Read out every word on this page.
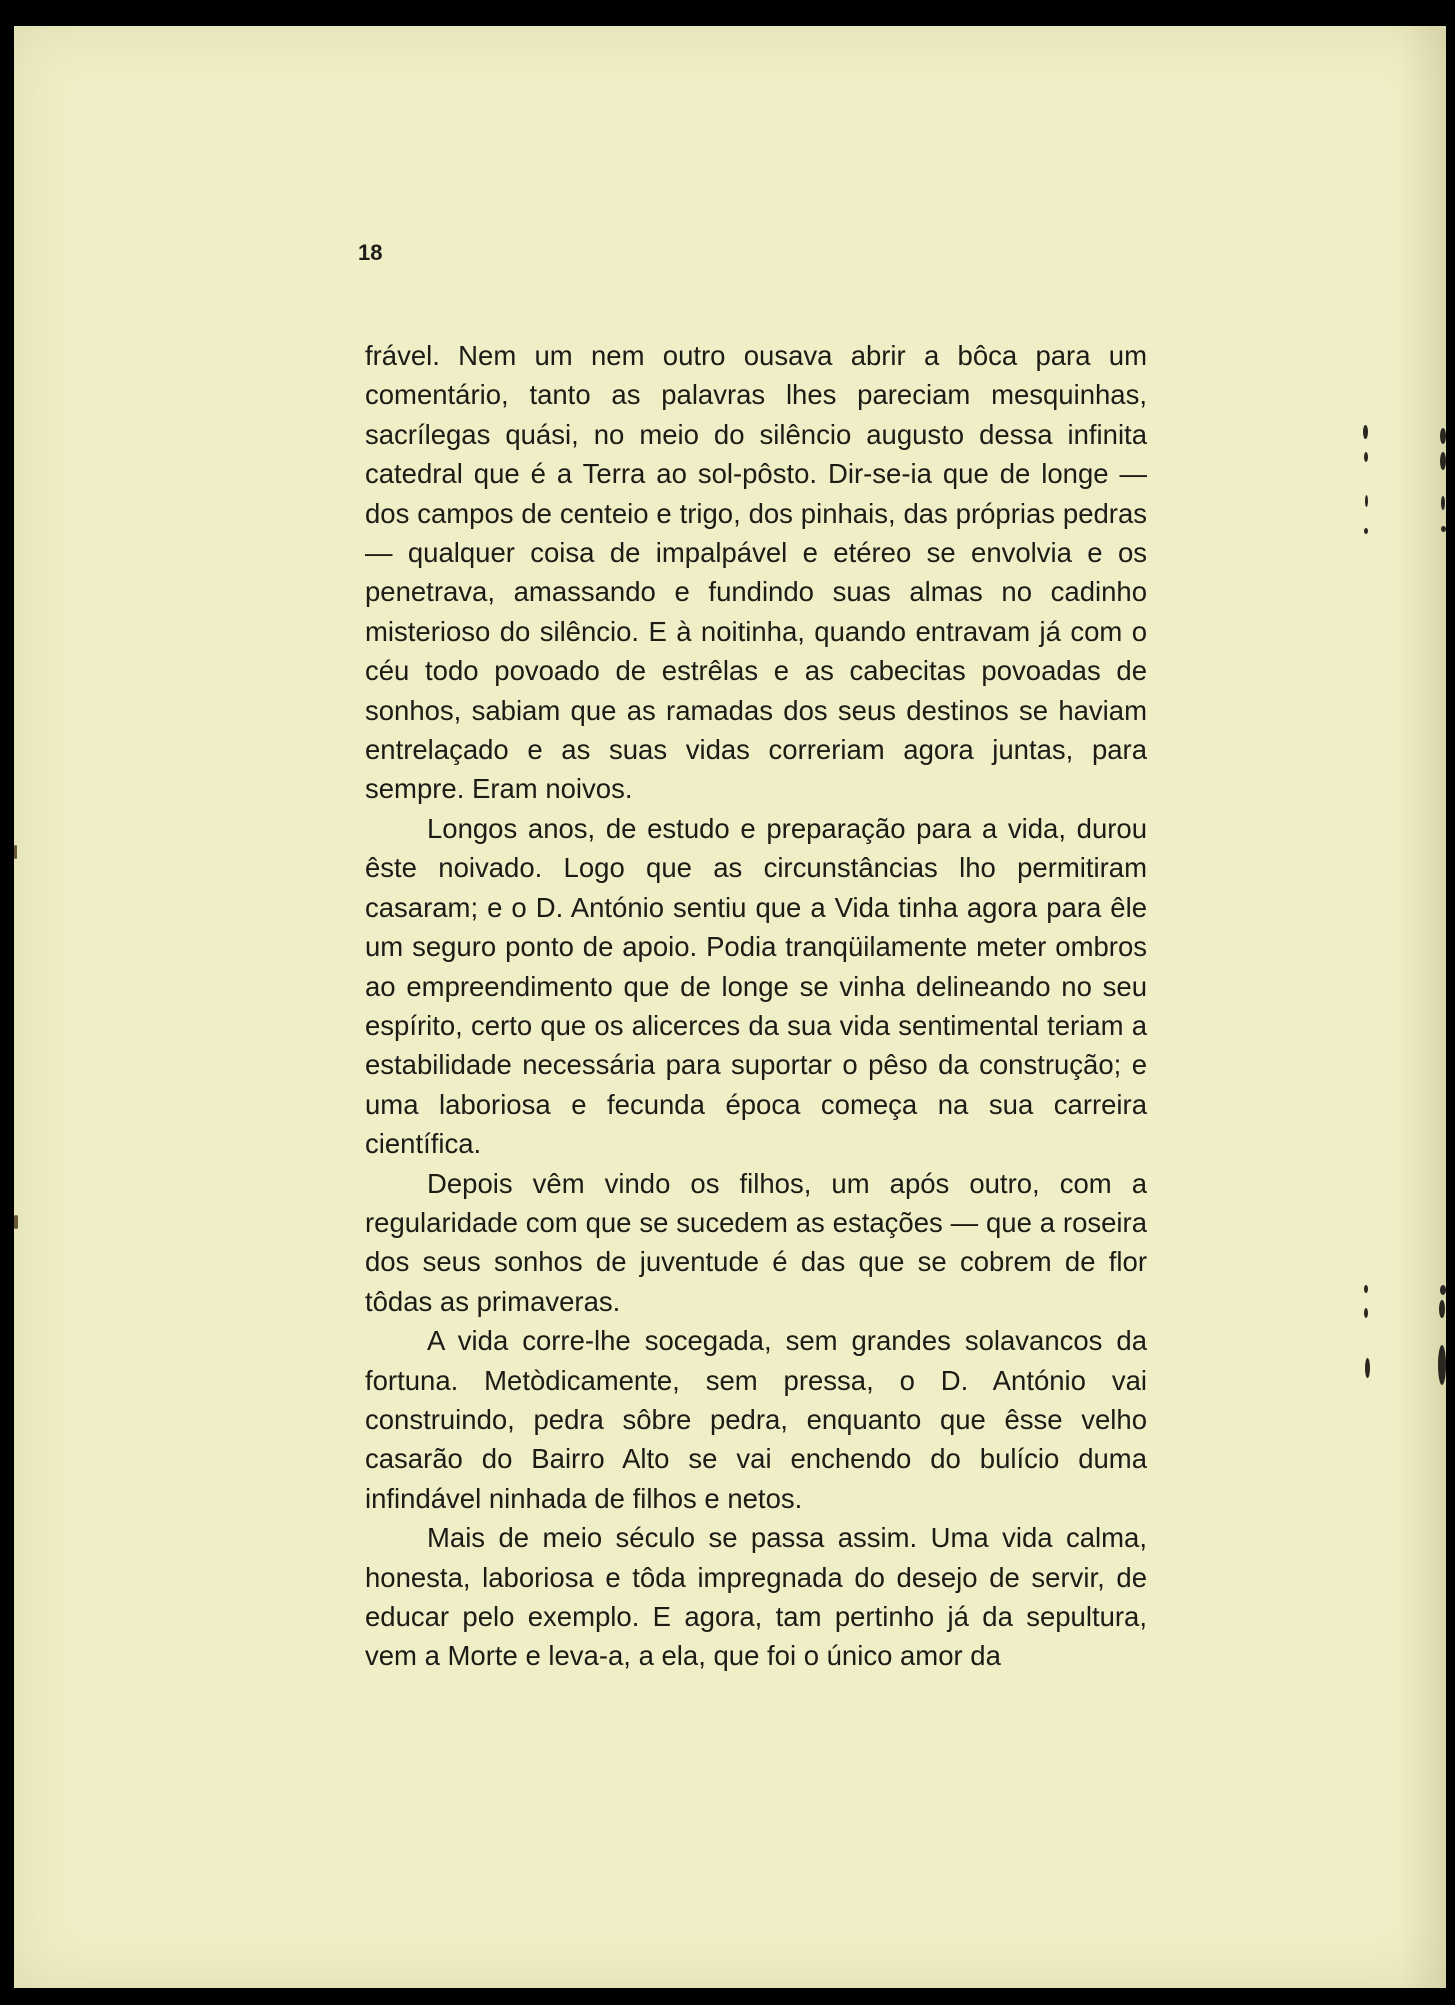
18

frável. Nem um nem outro ousava abrir a bôca para um comentário, tanto as palavras lhes pareciam mesquinhas, sacrílegas quási, no meio do silêncio augusto dessa infinita catedral que é a Terra ao sol-pôsto. Dir-se-ia que de longe — dos campos de centeio e trigo, dos pinhais, das próprias pedras — qualquer coisa de impalpável e etéreo se envolvia e os penetrava, amassando e fundindo suas almas no cadinho misterioso do silêncio. E à noitinha, quando entravam já com o céu todo povoado de estrêlas e as cabecitas povoadas de sonhos, sabiam que as ramadas dos seus destinos se haviam entrelaçado e as suas vidas correriam agora juntas, para sempre. Eram noivos.

Longos anos, de estudo e preparação para a vida, durou êste noivado. Logo que as circunstâncias lho permitiram casaram; e o D. António sentiu que a Vida tinha agora para êle um seguro ponto de apoio. Podia tranqüilamente meter ombros ao empreendimento que de longe se vinha delineando no seu espírito, certo que os alicerces da sua vida sentimental teriam a estabilidade necessária para suportar o pêso da construção; e uma laboriosa e fecunda época começa na sua carreira científica.

Depois vêm vindo os filhos, um após outro, com a regularidade com que se sucedem as estações — que a roseira dos seus sonhos de juventude é das que se cobrem de flor tôdas as primaveras.

A vida corre-lhe socegada, sem grandes solavancos da fortuna. Metòdicamente, sem pressa, o D. António vai construindo, pedra sôbre pedra, enquanto que êsse velho casarão do Bairro Alto se vai enchendo do bulício duma infindável ninhada de filhos e netos.

Mais de meio século se passa assim. Uma vida calma, honesta, laboriosa e tôda impregnada do desejo de servir, de educar pelo exemplo. E agora, tam pertinho já da sepultura, vem a Morte e leva-a, a ela, que foi o único amor da
